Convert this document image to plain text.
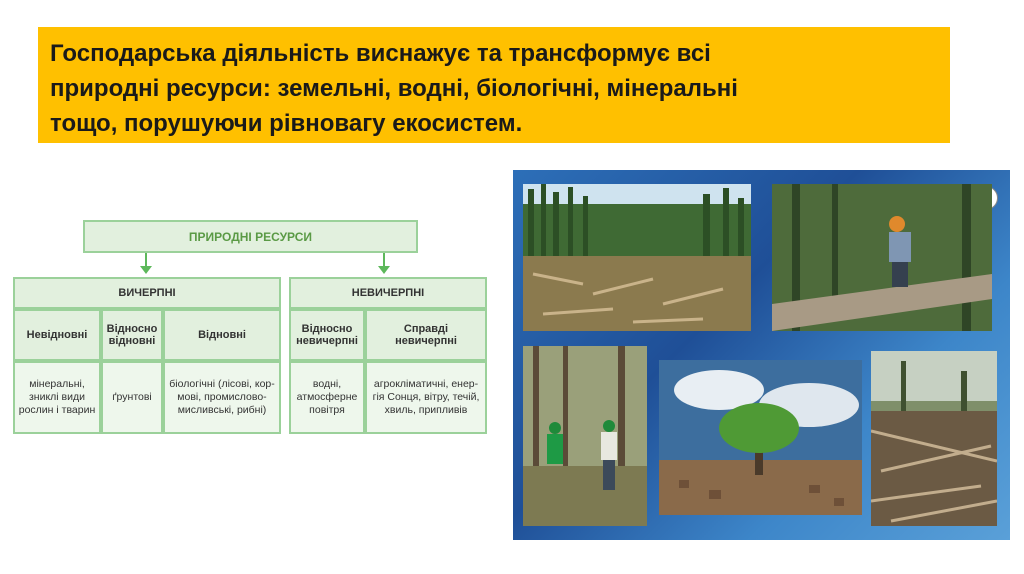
Господарська діяльність виснажує та трансформує всі
природні ресурси: земельні, водні, біологічні, мінеральні
тощо, порушуючи рівновагу екосистем.

ПРИРОДНІ РЕСУРСИ
ВИЧЕРПНІ
Невідновні	Відносно відновні	Відновні
мінеральні, зниклі види рослин і тварин
ґрунтові
біологічні (лісові, кор-мові, промислово-мисливські, рибні)
НЕВИЧЕРПНІ
Відносно невичерпні
Справді невичерпні
водні, атмосферне повітря
агрокліматичні, енер-гія Сонця, вітру, течій, хвиль, припливів
